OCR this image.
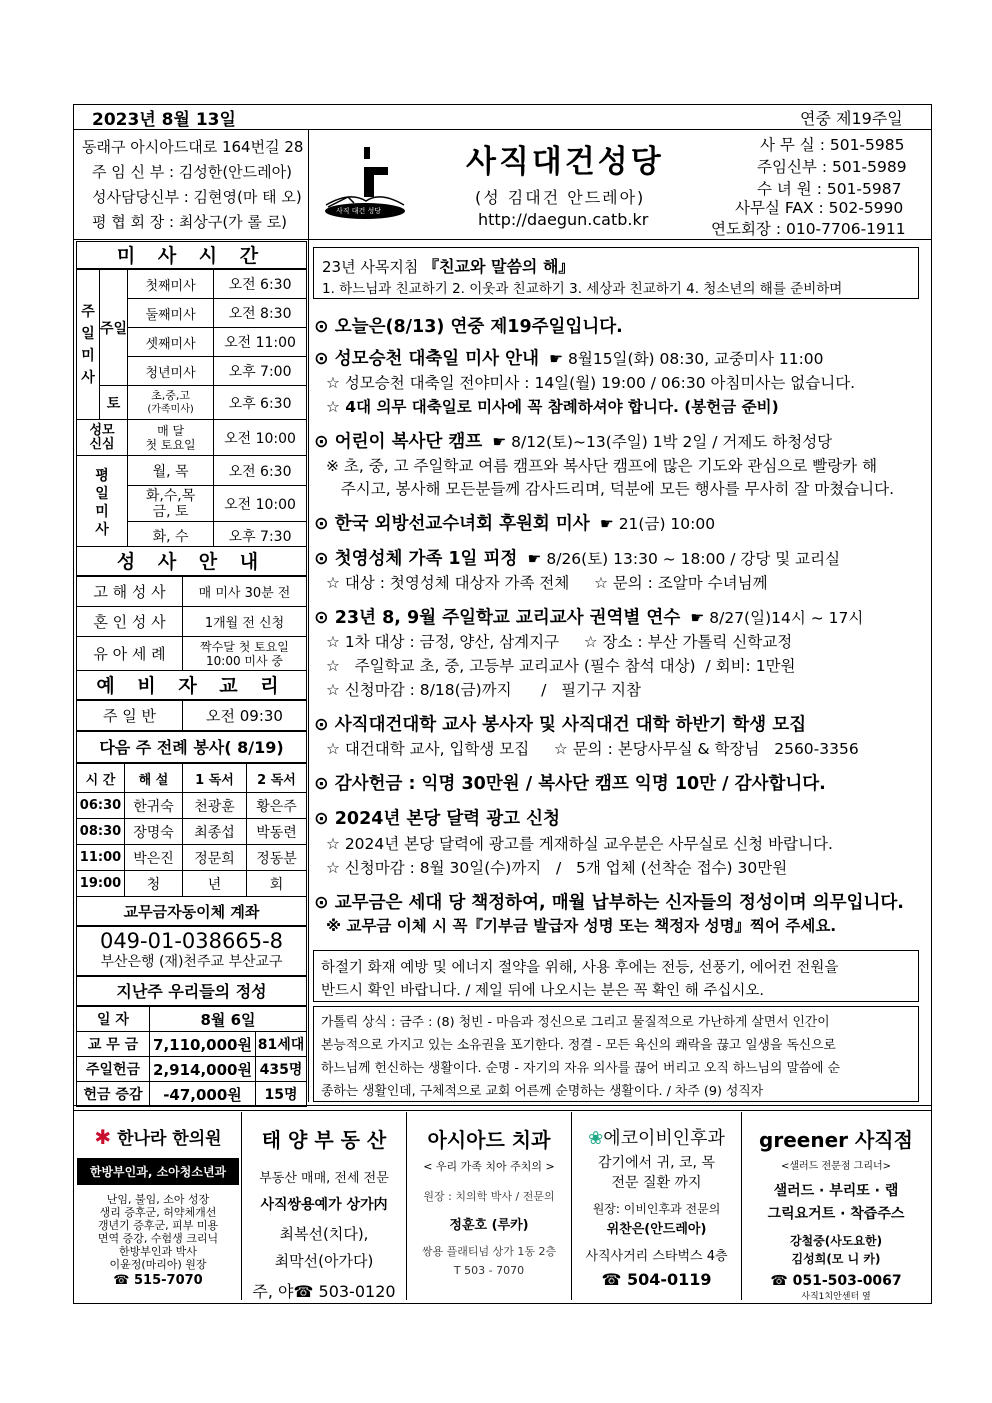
2023년 8월 13일	연중 제19주일
동래구 아시아드대로 164번길 28
주 임 신 부 : 김성한(안드레아)
성사담당신부 : 김현영(마 태 오)
평 협 회 장 : 최상구(가 롤 로)
사직 대건 성당
사직대건성당
(성 김대건 안드레아)
http://daegun.catb.kr
사 무 실 : 501-5985
주임신부 : 501-5989
수 녀 원 : 501-5987
사무실 FAX : 502-5990
연도회장 : 010-7706-1911
미 사 시 간
주
일
미
사	주일	첫째미사	오전 6:30
		둘째미사	오전 8:30
		셋째미사	오전 11:00
		청년미사	오후 7:00
	토	초,중,고
(가족미사)	오후 6:30
성모
신심		매 달
첫 토요일	오전 10:00
평
일
미
사		월, 목	오전 6:30
		화,수,목
금, 토	오전 10:00
		화, 수	오후 7:30
성 사 안 내
고 해 성 사	매 미사 30분 전
혼 인 성 사	1개월 전 신청
유 아 세 례	짝수달 첫 토요일
10:00 미사 중
예 비 자 교 리
주 일 반	오전 09:30
다음 주 전례 봉사( 8/19)
시 간	해 설	1 독서	2 독서
06:30	한귀숙	천광훈	황은주
08:30	장명숙	최종섭	박동련
11:00	박은진	정문희	정동분
19:00	청	년	회
교무금자동이체 계좌
049-01-038665-8
부산은행 (재)천주교 부산교구
지난주 우리들의 정성
일 자	8월 6일	
교 무 금	7,110,000원	81세대
주일헌금	2,914,000원	435명
헌금 증감	-47,000원	15명
23년 사목지침 『친교와 말씀의 해』
1. 하느님과 친교하기 2. 이웃과 친교하기 3. 세상과 친교하기 4. 청소년의 해를 준비하며
⊙ 오늘은(8/13) 연중 제19주일입니다.
⊙ 성모승천 대축일 미사 안내 ☛ 8월15일(화) 08:30, 교중미사 11:00
☆ 성모승천 대축일 전야미사 : 14일(월) 19:00 / 06:30 아침미사는 없습니다.
☆ 4대 의무 대축일로 미사에 꼭 참례하셔야 합니다. (봉헌금 준비)
⊙ 어린이 복사단 캠프 ☛ 8/12(토)~13(주일) 1박 2일 / 거제도 하청성당
※ 초, 중, 고 주일학교 여름 캠프와 복사단 캠프에 많은 기도와 관심으로 빨랑카 해
주시고, 봉사해 모든분들께 감사드리며, 덕분에 모든 행사를 무사히 잘 마쳤습니다.
⊙ 한국 외방선교수녀회 후원회 미사 ☛ 21(금) 10:00
⊙ 첫영성체 가족 1일 피정 ☛ 8/26(토) 13:30 ~ 18:00 / 강당 및 교리실
☆ 대상 : 첫영성체 대상자 가족 전체     ☆ 문의 : 조알마 수녀님께
⊙ 23년 8, 9월 주일학교 교리교사 권역별 연수 ☛ 8/27(일)14시 ~ 17시
☆ 1차 대상 : 금정, 양산, 삼계지구     ☆ 장소 : 부산 가톨릭 신학교정
☆   주일학교 초, 중, 고등부 교리교사 (필수 참석 대상)  / 회비: 1만원
☆ 신청마감 : 8/18(금)까지      /   필기구 지참
⊙ 사직대건대학 교사 봉사자 및 사직대건 대학 하반기 학생 모집
☆ 대건대학 교사, 입학생 모집     ☆ 문의 : 본당사무실 & 학장님   2560-3356
⊙ 감사헌금 : 익명 30만원 / 복사단 캠프 익명 10만 / 감사합니다.
⊙ 2024년 본당 달력 광고 신청
☆ 2024년 본당 달력에 광고를 게재하실 교우분은 사무실로 신청 바랍니다.
☆ 신청마감 : 8월 30일(수)까지   /   5개 업체 (선착순 접수) 30만원
⊙ 교무금은 세대 당 책정하여, 매월 납부하는 신자들의 정성이며 의무입니다.
※ 교무금 이체 시 꼭『기부금 발급자 성명 또는 책정자 성명』찍어 주세요.
하절기 화재 예방 및 에너지 절약을 위해, 사용 후에는 전등, 선풍기, 에어컨 전원을
반드시 확인 바랍니다. / 제일 뒤에 나오시는 분은 꼭 확인 해 주십시오.
가톨릭 상식 : 금주 : (8) 청빈 - 마음과 정신으로 그리고 물질적으로 가난하게 살면서 인간이
본능적으로 가지고 있는 소유권을 포기한다. 정결 - 모든 육신의 쾌락을 끊고 일생을 독신으로
하느님께 헌신하는 생활이다. 순명 - 자기의 자유 의사를 끊어 버리고 오직 하느님의 말씀에 순
종하는 생활인데, 구체적으로 교회 어른께 순명하는 생활이다. / 차주 (9) 성직자
✱ 한나라 한의원
한방부인과, 소아청소년과
난임, 불임, 소아 성장
생리 증후군, 허약체개선
갱년기 증후군, 피부 미용
면역 증강, 수험생 크리닉
한방부인과 박사
이윤정(마리아) 원장
☎ 515-7070
태 양 부 동 산
부동산 매매, 전세 전문
사직쌍용예가 상가内
최복선(치다),
최막선(아가다)
주, 야☎ 503-0120
아시아드 치과
< 우리 가족 치아 주치의 >
원장 : 치의학 박사 / 전문의
정훈호 (루카)
쌍용 플래티넘 상가 1동 2층
T 503 - 7070
❀에코이비인후과
감기에서 귀, 코, 목
전문 질환 까지
원장: 이비인후과 전문의
위찬은(안드레아)
사직사거리 스타벅스 4층
☎ 504-0119
greener 사직점
<샐러드 전문점 그리너>
샐러드 · 부리또 · 랩
그릭요거트 · 착즙주스
강철중(사도요한)
김성희(모 니 카)
☎ 051-503-0067
사직1치안센터 옆
